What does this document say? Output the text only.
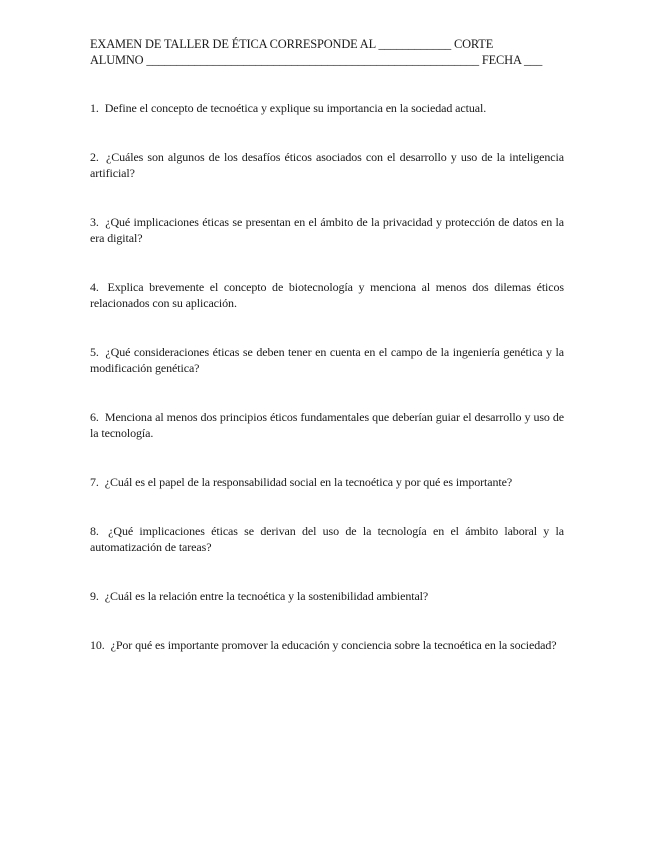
EXAMEN DE TALLER DE ÉTICA CORRESPONDE AL ____________ CORTE
ALUMNO _______________________________________________________ FECHA ___
1. Define el concepto de tecnoética y explique su importancia en la sociedad actual.
2. ¿Cuáles son algunos de los desafíos éticos asociados con el desarrollo y uso de la inteligencia artificial?
3. ¿Qué implicaciones éticas se presentan en el ámbito de la privacidad y protección de datos en la era digital?
4. Explica brevemente el concepto de biotecnología y menciona al menos dos dilemas éticos relacionados con su aplicación.
5. ¿Qué consideraciones éticas se deben tener en cuenta en el campo de la ingeniería genética y la modificación genética?
6. Menciona al menos dos principios éticos fundamentales que deberían guiar el desarrollo y uso de la tecnología.
7. ¿Cuál es el papel de la responsabilidad social en la tecnoética y por qué es importante?
8. ¿Qué implicaciones éticas se derivan del uso de la tecnología en el ámbito laboral y la automatización de tareas?
9. ¿Cuál es la relación entre la tecnoética y la sostenibilidad ambiental?
10. ¿Por qué es importante promover la educación y conciencia sobre la tecnoética en la sociedad?
